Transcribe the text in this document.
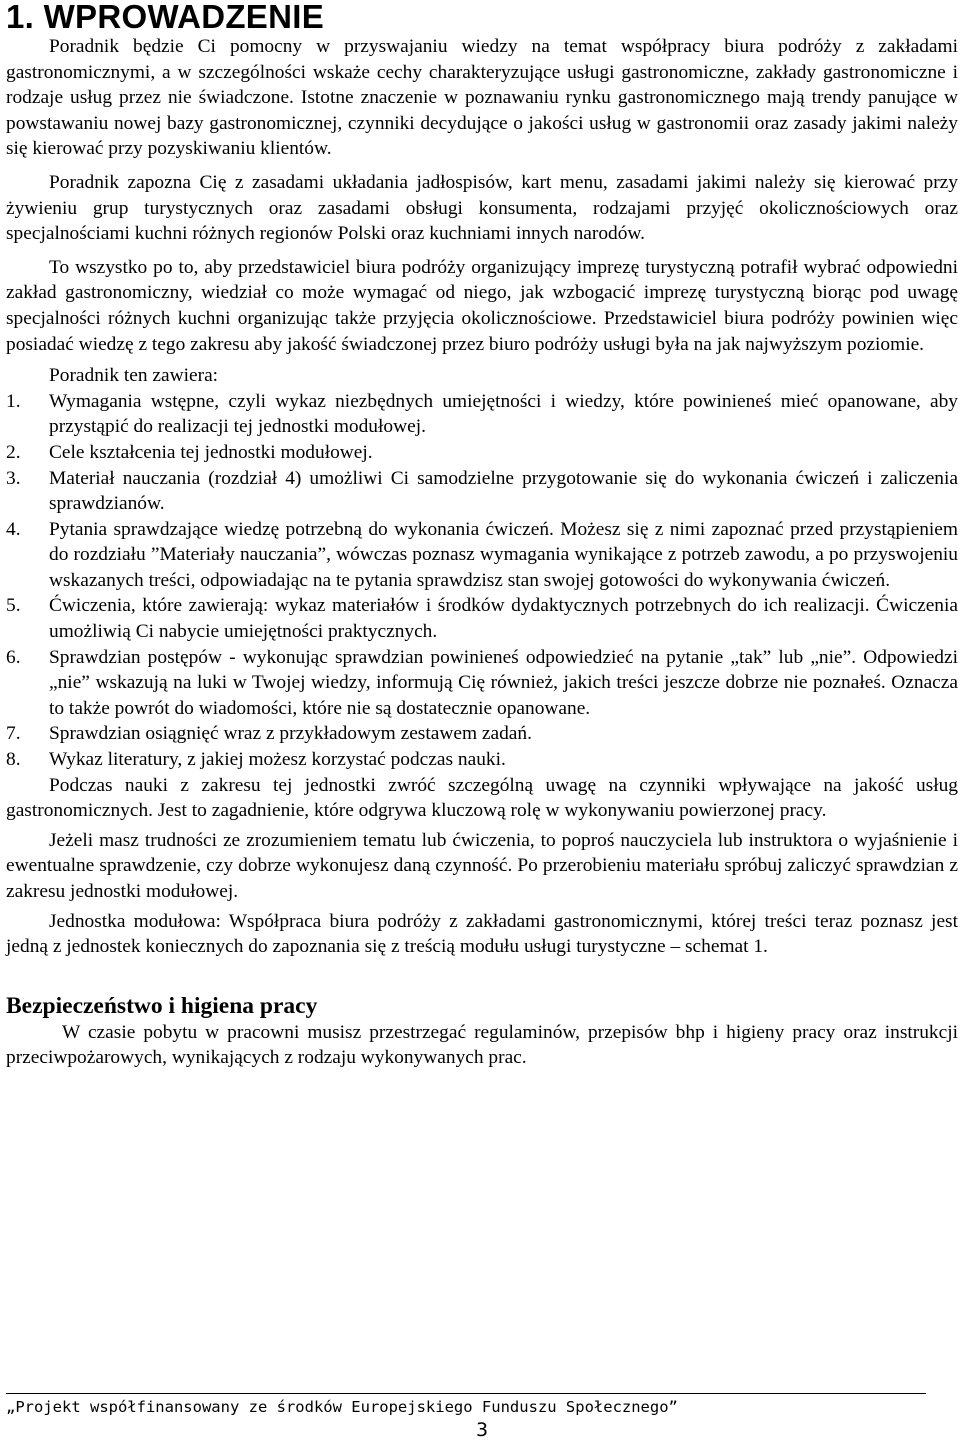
1. WPROWADZENIE

Poradnik będzie Ci pomocny w przyswajaniu wiedzy na temat współpracy biura podróży z zakładami gastronomicznymi, a w szczególności wskaże cechy charakteryzujące usługi gastronomiczne, zakłady gastronomiczne i rodzaje usług przez nie świadczone. Istotne znaczenie w poznawaniu rynku gastronomicznego mają trendy panujące w powstawaniu nowej bazy gastronomicznej, czynniki decydujące o jakości usług w gastronomii oraz zasady jakimi należy się kierować przy pozyskiwaniu klientów.

Poradnik zapozna Cię z zasadami układania jadłospisów, kart menu, zasadami jakimi należy się kierować przy żywieniu grup turystycznych oraz zasadami obsługi konsumenta, rodzajami przyjęć okolicznościowych oraz specjalnościami kuchni różnych regionów Polski oraz kuchniami innych narodów.

To wszystko po to, aby przedstawiciel biura podróży organizujący imprezę turystyczną potrafił wybrać odpowiedni zakład gastronomiczny, wiedział co może wymagać od niego, jak wzbogacić imprezę turystyczną biorąc pod uwagę specjalności różnych kuchni organizując także przyjęcia okolicznościowe. Przedstawiciel biura podróży powinien więc posiadać wiedzę z tego zakresu aby jakość świadczonej przez biuro podróży usługi była na jak najwyższym poziomie.

Poradnik ten zawiera:

1.	Wymagania wstępne, czyli wykaz niezbędnych umiejętności i wiedzy, które powinieneś mieć opanowane, aby przystąpić do realizacji tej jednostki modułowej.
2.	Cele kształcenia tej jednostki modułowej.
3.	Materiał nauczania (rozdział 4) umożliwi Ci samodzielne przygotowanie się do wykonania ćwiczeń i zaliczenia sprawdzianów.
4.	Pytania sprawdzające wiedzę potrzebną do wykonania ćwiczeń. Możesz się z nimi zapoznać przed przystąpieniem do rozdziału ”Materiały nauczania”, wówczas poznasz wymagania wynikające z potrzeb zawodu, a po przyswojeniu wskazanych treści, odpowiadając na te pytania sprawdzisz stan swojej gotowości do wykonywania ćwiczeń.
5.	Ćwiczenia, które zawierają: wykaz materiałów i środków dydaktycznych potrzebnych do ich realizacji. Ćwiczenia umożliwią Ci nabycie umiejętności praktycznych.
6.	Sprawdzian postępów - wykonując sprawdzian powinieneś odpowiedzieć na pytanie „tak” lub „nie”. Odpowiedzi „nie” wskazują na luki w Twojej wiedzy, informują Cię również, jakich treści jeszcze dobrze nie poznałeś. Oznacza to także powrót do wiadomości, które nie są dostatecznie opanowane.
7.	Sprawdzian osiągnięć wraz z przykładowym zestawem zadań.
8.	Wykaz literatury, z jakiej możesz korzystać podczas nauki.

Podczas nauki z zakresu tej jednostki zwróć szczególną uwagę na czynniki wpływające na jakość usług gastronomicznych. Jest to zagadnienie, które odgrywa kluczową rolę w wykonywaniu powierzonej pracy.

Jeżeli masz trudności ze zrozumieniem tematu lub ćwiczenia, to poproś nauczyciela lub instruktora o wyjaśnienie i ewentualne sprawdzenie, czy dobrze wykonujesz daną czynność. Po przerobieniu materiału spróbuj zaliczyć sprawdzian z zakresu jednostki modułowej.

Jednostka modułowa: Współpraca biura podróży z zakładami gastronomicznymi, której treści teraz poznasz jest jedną z jednostek koniecznych do zapoznania się z treścią modułu usługi turystyczne – schemat 1.

Bezpieczeństwo i higiena pracy

W czasie pobytu w pracowni musisz przestrzegać regulaminów, przepisów bhp i higieny pracy oraz instrukcji przeciwpożarowych, wynikających z rodzaju wykonywanych prac.

„Projekt współfinansowany ze środków Europejskiego Funduszu Społecznego”
3
